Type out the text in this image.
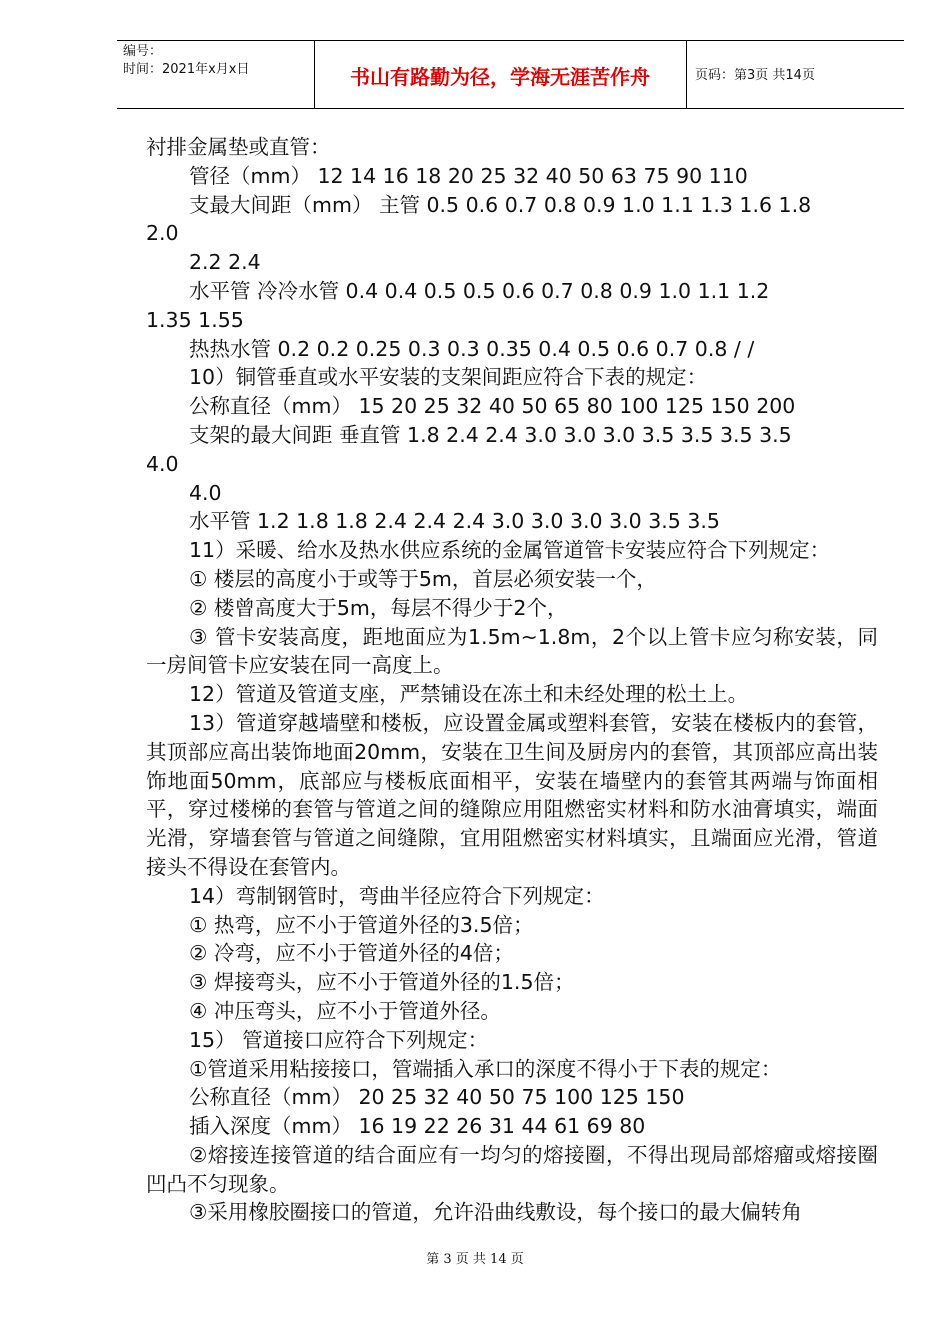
编号：
时间：2021年x月x日	书山有路勤为径，学海无涯苦作舟	页码：第3页 共14页
衬排金属垫或直管：
管径（mm） 12 14 16 18 20 25 32 40 50 63 75 90 110
支最大间距（mm） 主管 0.5 0.6 0.7 0.8 0.9 1.0 1.1 1.3 1.6 1.8
2.0
2.2 2.4
水平管 冷冷水管 0.4 0.4 0.5 0.5 0.6 0.7 0.8 0.9 1.0 1.1 1.2
1.35 1.55
热热水管 0.2 0.2 0.25 0.3 0.3 0.35 0.4 0.5 0.6 0.7 0.8 / /
10）铜管垂直或水平安装的支架间距应符合下表的规定：
公称直径（mm） 15 20 25 32 40 50 65 80 100 125 150 200
支架的最大间距 垂直管 1.8 2.4 2.4 3.0 3.0 3.0 3.5 3.5 3.5 3.5
4.0
4.0
水平管 1.2 1.8 1.8 2.4 2.4 2.4 3.0 3.0 3.0 3.0 3.5 3.5
11）采暖、给水及热水供应系统的金属管道管卡安装应符合下列规定：
① 楼层的高度小于或等于5m，首层必须安装一个，
② 楼曾高度大于5m，每层不得少于2个，
③ 管卡安装高度，距地面应为1.5m~1.8m，2个以上管卡应匀称安装，同一房间管卡应安装在同一高度上。
12）管道及管道支座，严禁铺设在冻土和未经处理的松土上。
13）管道穿越墙壁和楼板，应设置金属或塑料套管，安装在楼板内的套管，其顶部应高出装饰地面20mm，安装在卫生间及厨房内的套管，其顶部应高出装饰地面50mm，底部应与楼板底面相平，安装在墙壁内的套管其两端与饰面相平，穿过楼梯的套管与管道之间的缝隙应用阻燃密实材料和防水油膏填实，端面光滑，穿墙套管与管道之间缝隙，宜用阻燃密实材料填实，且端面应光滑，管道接头不得设在套管内。
14）弯制钢管时，弯曲半径应符合下列规定：
① 热弯，应不小于管道外径的3.5倍；
② 冷弯，应不小于管道外径的4倍；
③ 焊接弯头，应不小于管道外径的1.5倍；
④ 冲压弯头，应不小于管道外径。
15） 管道接口应符合下列规定：
①管道采用粘接接口，管端插入承口的深度不得小于下表的规定：
公称直径（mm） 20 25 32 40 50 75 100 125 150
插入深度（mm） 16 19 22 26 31 44 61 69 80
②熔接连接管道的结合面应有一均匀的熔接圈，不得出现局部熔瘤或熔接圈凹凸不匀现象。
③采用橡胶圈接口的管道，允许沿曲线敷设，每个接口的最大偏转角
第 3 页 共 14 页
